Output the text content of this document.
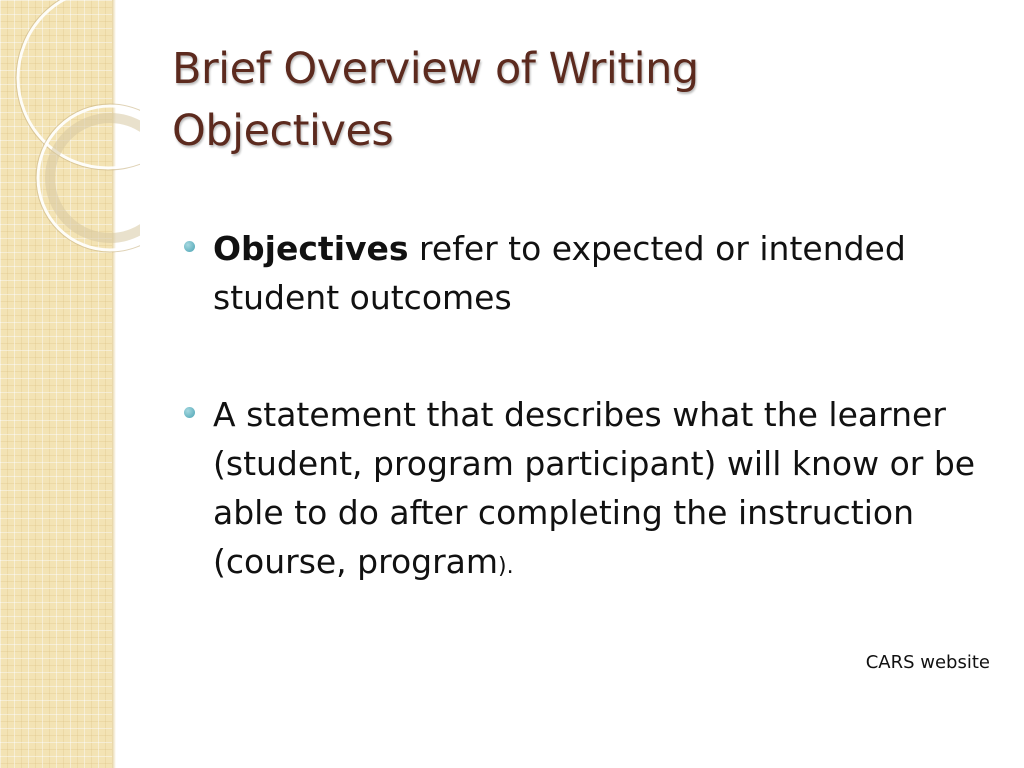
Brief Overview of Writing Objectives
Objectives refer to expected or intended student outcomes
A statement that describes what the learner (student, program participant) will know or be able to do after completing the instruction (course, program).
CARS website
